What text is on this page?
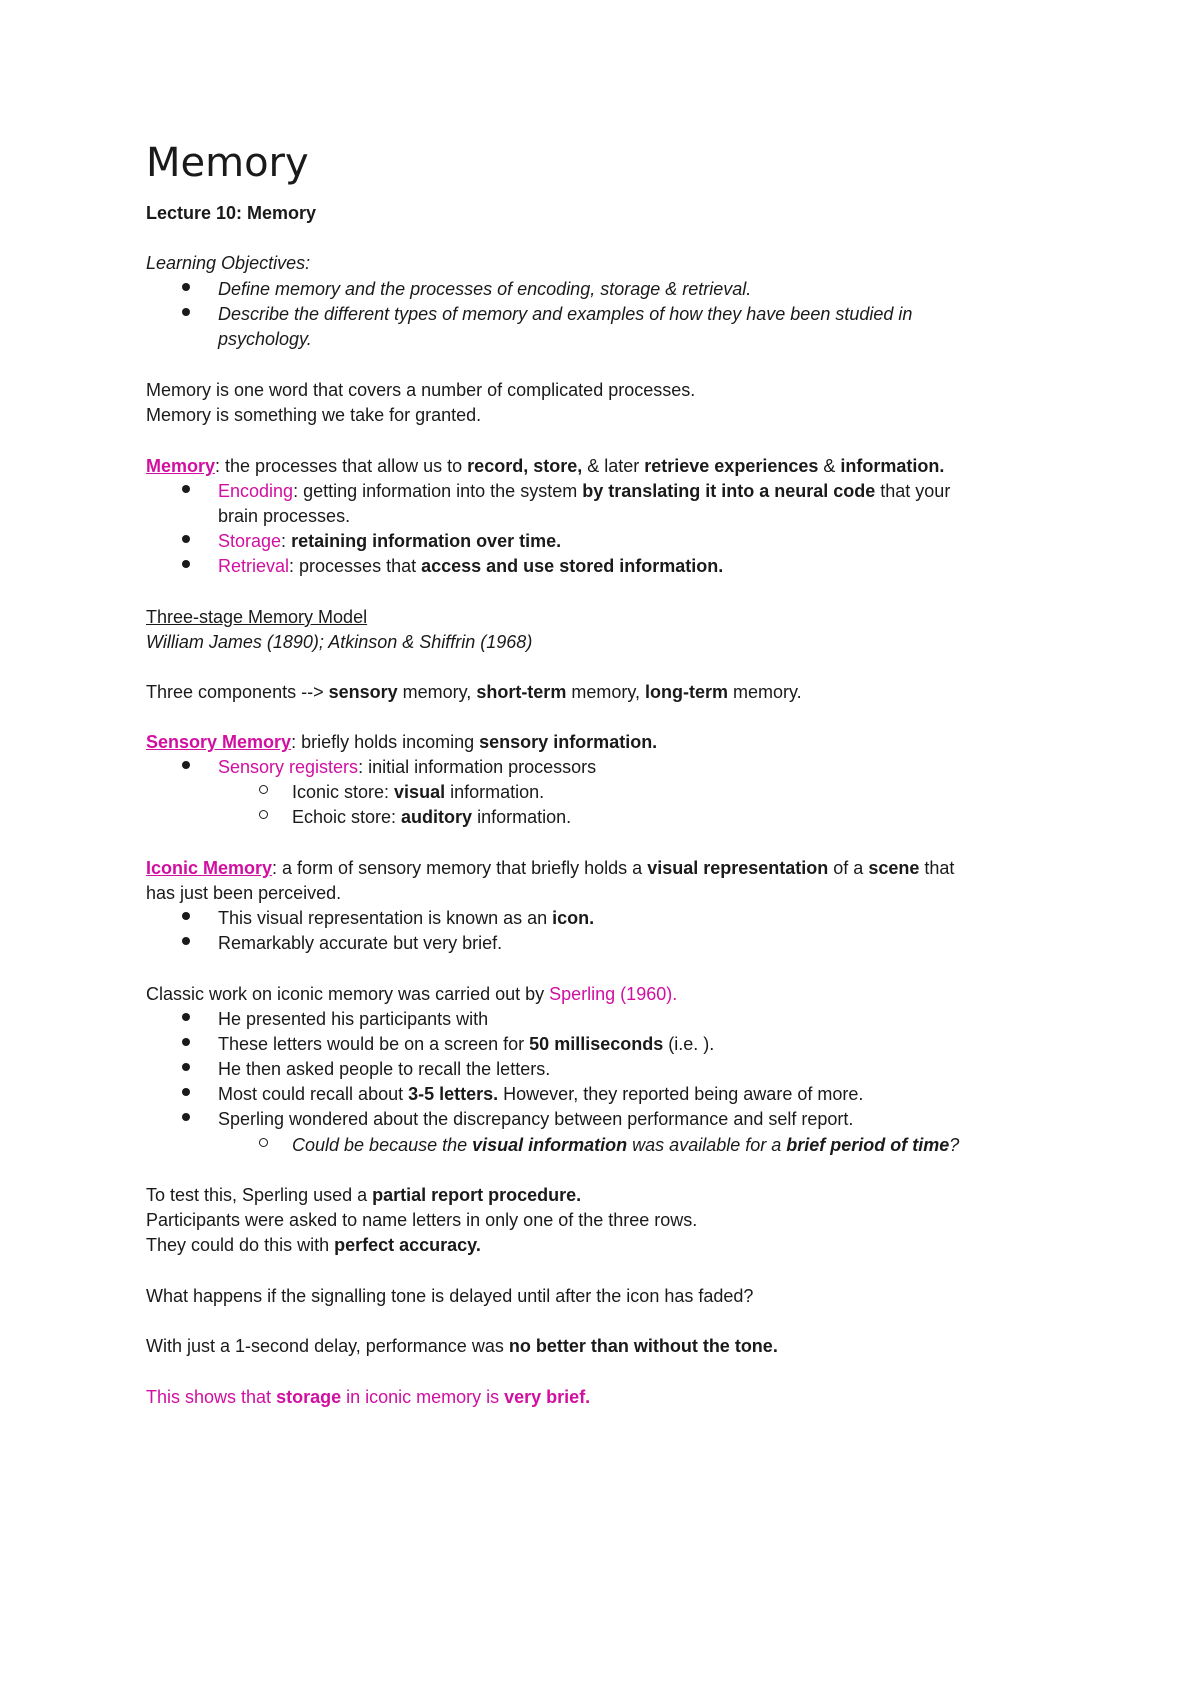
Memory
Lecture 10: Memory
Learning Objectives:
Define memory and the processes of encoding, storage & retrieval.
Describe the different types of memory and examples of how they have been studied in
psychology.
Memory is one word that covers a number of complicated processes.
Memory is something we take for granted.
Memory: the processes that allow us to record, store, & later retrieve experiences & information.
Encoding: getting information into the system by translating it into a neural code that your
brain processes.
Storage: retaining information over time.
Retrieval: processes that access and use stored information.
Three-stage Memory Model
William James (1890); Atkinson & Shiffrin (1968)
Three components --> sensory memory, short-term memory, long-term memory.
Sensory Memory: briefly holds incoming sensory information.
Sensory registers: initial information processors
Iconic store: visual information.
Echoic store: auditory information.
Iconic Memory: a form of sensory memory that briefly holds a visual representation of a scene that
has just been perceived.
This visual representation is known as an icon.
Remarkably accurate but very brief.
Classic work on iconic memory was carried out by Sperling (1960).
He presented his participants with
These letters would be on a screen for 50 milliseconds (i.e. ).
He then asked people to recall the letters.
Most could recall about 3-5 letters. However, they reported being aware of more.
Sperling wondered about the discrepancy between performance and self report.
Could be because the visual information was available for a brief period of time?
To test this, Sperling used a partial report procedure.
Participants were asked to name letters in only one of the three rows.
They could do this with perfect accuracy.
What happens if the signalling tone is delayed until after the icon has faded?
With just a 1-second delay, performance was no better than without the tone.
This shows that storage in iconic memory is very brief.
